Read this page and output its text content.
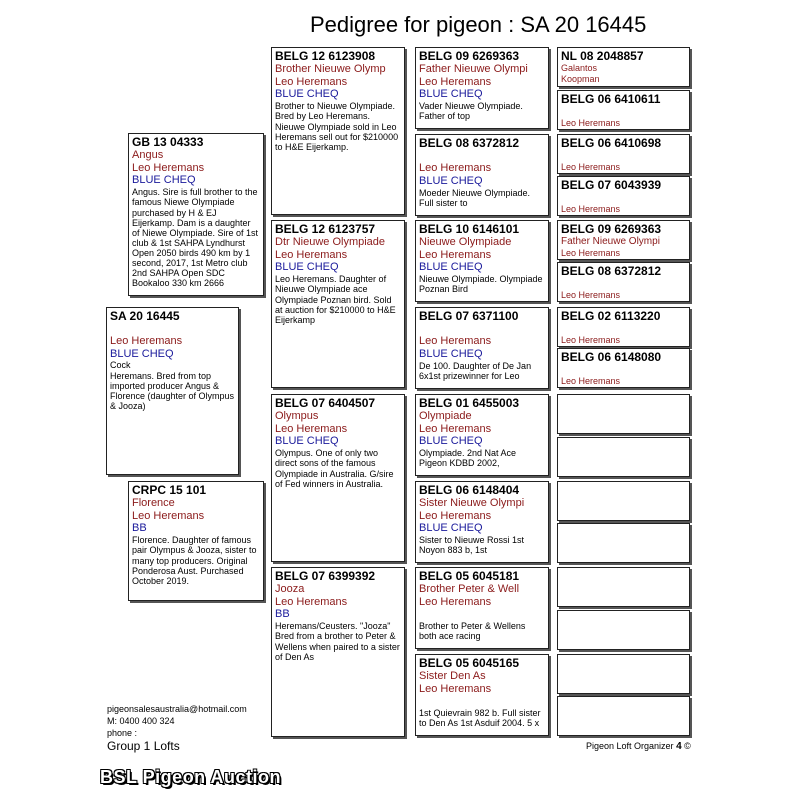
Pedigree for pigeon : SA 20 16445
SA 20 16445
Leo Heremans
BLUE CHEQ
Cock
Heremans. Bred from top imported producer Angus & Florence (daughter of Olympus & Jooza)
GB 13 04333
Angus
Leo Heremans
BLUE CHEQ
Angus. Sire is full brother to the famous Niewe Olympiade purchased by H & EJ Eijerkamp. Dam is a daughter of Niewe Olympiade. Sire of 1st club & 1st SAHPA Lyndhurst Open 2050 birds 490 km by 1 second, 2017, 1st Metro club 2nd SAHPA Open SDC Bookaloo 330 km 2666
CRPC 15 101
Florence
Leo Heremans
BB
Florence. Daughter of famous pair Olympus & Jooza, sister to many top producers. Original Ponderosa Aust. Purchased October 2019.
BELG 12 6123908
Brother Nieuwe Olymp
Leo Heremans
BLUE CHEQ
Brother to Nieuwe Olympiade. Bred by Leo Heremans. Nieuwe Olympiade sold in Leo Heremans sell out for $210000 to H&E Eijerkamp.
BELG 12 6123757
Dtr Nieuwe Olympiade
Leo Heremans
BLUE CHEQ
Leo Heremans. Daughter of Nieuwe Olympiade ace Olympiade Poznan bird. Sold at auction for $210000 to H&E Eijerkamp
BELG 07 6404507
Olympus
Leo Heremans
BLUE CHEQ
Olympus. One of only two direct sons of the famous Olympiade in Australia. G/sire of Fed winners in Australia.
BELG 07 6399392
Jooza
Leo Heremans
BB
Heremans/Ceusters. "Jooza" Bred from a brother to Peter & Wellens when paired to a sister of Den As
BELG 09 6269363
Father Nieuwe Olympi
Leo Heremans
BLUE CHEQ
Vader Nieuwe Olympiade. Father of top
BELG 08 6372812
Leo Heremans
BLUE CHEQ
Moeder Nieuwe Olympiade. Full sister to
BELG 10 6146101
Nieuwe Olympiade
Leo Heremans
BLUE CHEQ
Nieuwe Olympiade. Olympiade Poznan Bird
BELG 07 6371100
Leo Heremans
BLUE CHEQ
De 100. Daughter of De Jan 6x1st prizewinner for Leo
BELG 01 6455003
Olympiade
Leo Heremans
BLUE CHEQ
Olympiade. 2nd Nat Ace Pigeon KDBD 2002,
BELG 06 6148404
Sister Nieuwe Olympi
Leo Heremans
BLUE CHEQ
Sister to Nieuwe Rossi 1st Noyon 883 b, 1st
BELG 05 6045181
Brother Peter & Well
Leo Heremans
Brother to Peter & Wellens both ace racing
BELG 05 6045165
Sister Den As
Leo Heremans
1st Quievrain 982 b. Full sister to Den As 1st Asduif 2004. 5 x
NL 08 2048857
Galantos
Koopman
BELG 06 6410611
Leo Heremans
BELG 06 6410698
Leo Heremans
BELG 07 6043939
Leo Heremans
BELG 09 6269363
Father Nieuwe Olympi
Leo Heremans
BELG 08 6372812
Leo Heremans
BELG 02 6113220
Leo Heremans
BELG 06 6148080
Leo Heremans
pigeonsalesaustralia@hotmail.com
M: 0400 400 324
phone :
Group 1 Lofts	Pigeon Loft Organizer 4 ©
BSL Pigeon Auction
